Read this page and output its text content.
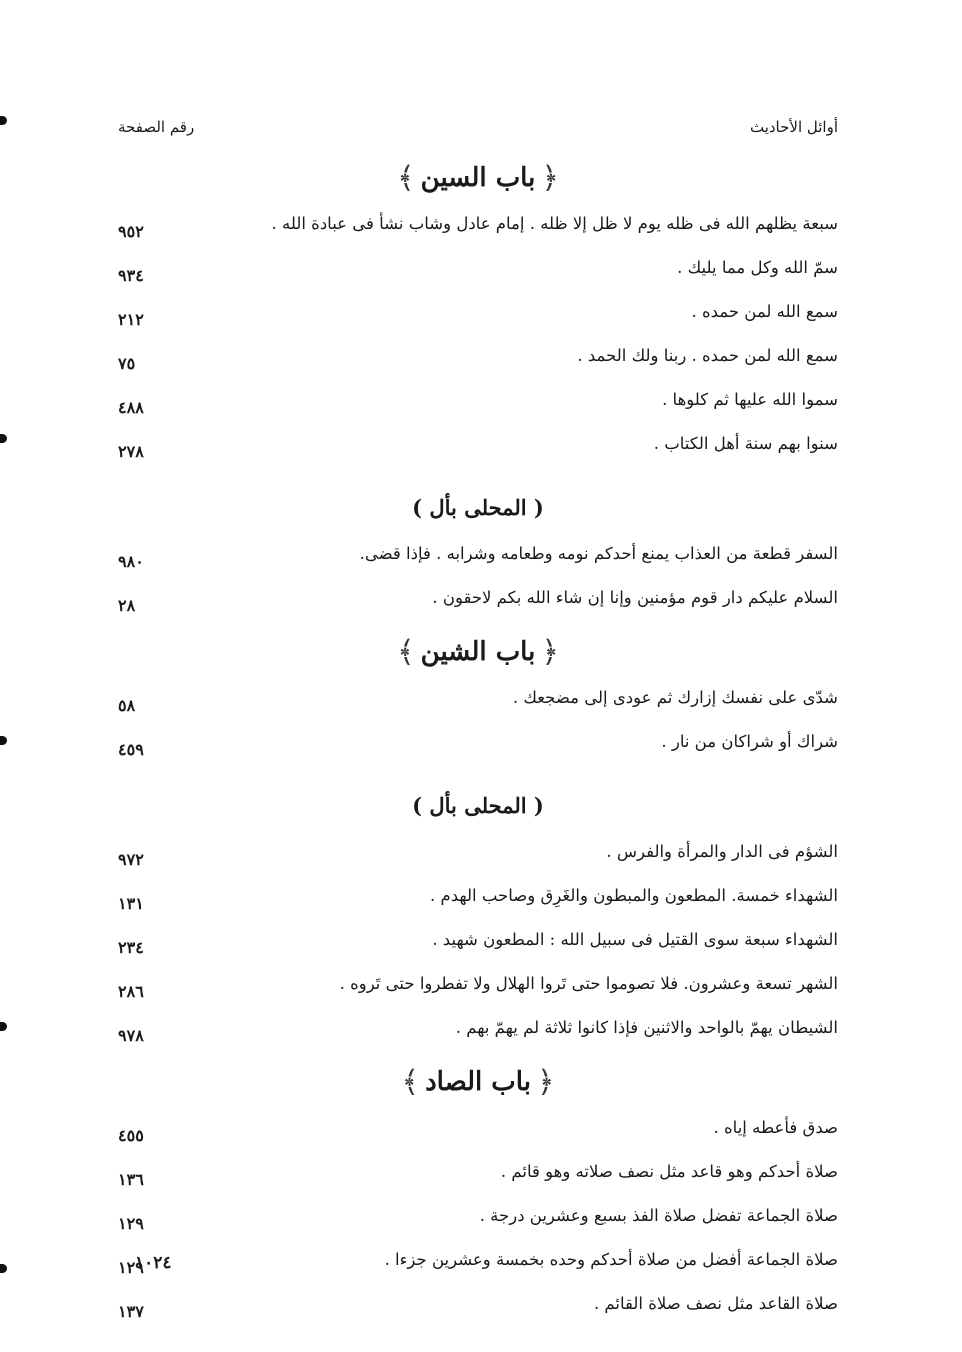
أوائل الأحاديث
رقم الصفحة
﴿
باب السين
﴾
سبعة يظلهم الله فى ظله يوم لا ظل إلا ظله . إمام عادل وشاب نشأ فى عبادة الله .
٩٥٢
سمّ الله وكل مما يليك .
٩٣٤
سمع الله لمن حمده .
٢١٢
سمع الله لمن حمده . ربنا ولك الحمد .
٧٥
سموا الله عليها ثم كلوها .
٤٨٨
سنوا بهم سنة أهل الكتاب .
٢٧٨
( المحلى بأل )
السفر قطعة من العذاب يمنع أحدكم نومه وطعامه وشرابه . فإذا قضى.
٩٨٠
السلام عليكم دار قوم مؤمنين وإنا إن شاء الله بكم لاحقون .
٢٨
﴿
باب الشين
﴾
شدّى على نفسك إزارك ثم عودى إلى مضجعك .
٥٨
شراك أو شراكان من نار .
٤٥٩
( المحلى بأل )
الشؤم فى الدار والمرأة والفرس .
٩٧٢
الشهداء خمسة. المطعون والمبطون والغَرِق وصاحب الهدم .
١٣١
الشهداء سبعة سوى القتيل فى سبيل الله : المطعون شهيد .
٢٣٤
الشهر تسعة وعشرون. فلا تصوموا حتى تَروا الهلال ولا تفطروا حتى تَروه .
٢٨٦
الشيطان يهمّ بالواحد والاثنين فإذا كانوا ثلاثة لم يهمّ بهم .
٩٧٨
﴿
باب الصاد
﴾
صدق فأعطه إياه .
٤٥٥
صلاة أحدكم وهو قاعد مثل نصف صلاته وهو قائم .
١٣٦
صلاة الجماعة تفضل صلاة الفذ بسبع وعشرين درجة .
١٢٩
صلاة الجماعة أفضل من صلاة أحدكم وحده بخمسة وعشرين جزءا .
١٢٩
صلاة القاعد مثل نصف صلاة القائم .
١٣٧
١٠٢٤
